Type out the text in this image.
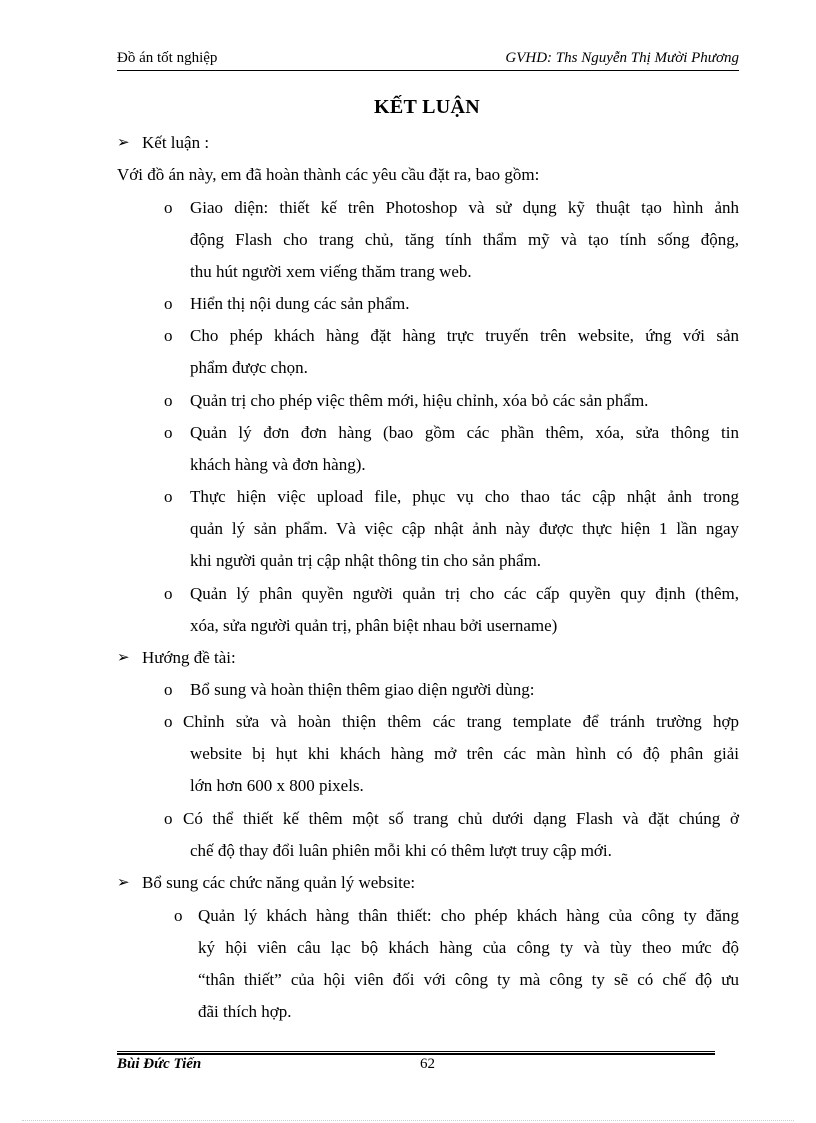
Đồ án tốt nghiệp	GVHD: Ths Nguyễn Thị Mười Phương
KẾT LUẬN
➢ Kết luận :
Với đồ án này, em đã hoàn thành các yêu cầu đặt ra, bao gồm:
o Giao diện: thiết kế trên Photoshop và sử dụng kỹ thuật tạo hình ảnh
động Flash cho trang chủ, tăng tính thẩm mỹ và tạo tính sống động,
thu hút người xem viếng thăm trang web.
o Hiển thị nội dung các sản phẩm.
o Cho phép khách hàng đặt hàng trực truyến trên website, ứng với sản
phẩm được chọn.
o Quản trị cho phép việc thêm mới, hiệu chỉnh, xóa bỏ các sản phẩm.
o Quản lý đơn đơn hàng (bao gồm các phần thêm, xóa, sửa thông tin
khách hàng và đơn hàng).
o Thực hiện việc upload file, phục vụ cho thao tác cập nhật ảnh trong
quản lý sản phẩm. Và việc cập nhật ảnh này được thực hiện 1 lần ngay
khi người quản trị cập nhật thông tin cho sản phẩm.
o Quản lý phân quyền người quản trị cho các cấp quyền quy định (thêm,
xóa, sửa người quản trị, phân biệt nhau bởi username)
➢ Hướng đề tài:
o Bổ sung và hoàn thiện thêm giao diện người dùng:
o Chỉnh sửa và hoàn thiện thêm các trang template để tránh trường hợp
website bị hụt khi khách hàng mở trên các màn hình có độ phân giải
lớn hơn 600 x 800 pixels.
o Có thể thiết kế thêm một số trang chủ dưới dạng Flash và đặt chúng ở
chế độ thay đổi luân phiên mỗi khi có thêm lượt truy cập mới.
➢ Bổ sung các chức năng quản lý website:
o Quản lý khách hàng thân thiết: cho phép khách hàng của công ty đăng
ký hội viên câu lạc bộ khách hàng của công ty và tùy theo mức độ
“thân thiết” của hội viên đối với công ty mà công ty sẽ có chế độ ưu
đãi thích hợp.
Bùi Đức Tiến	62
